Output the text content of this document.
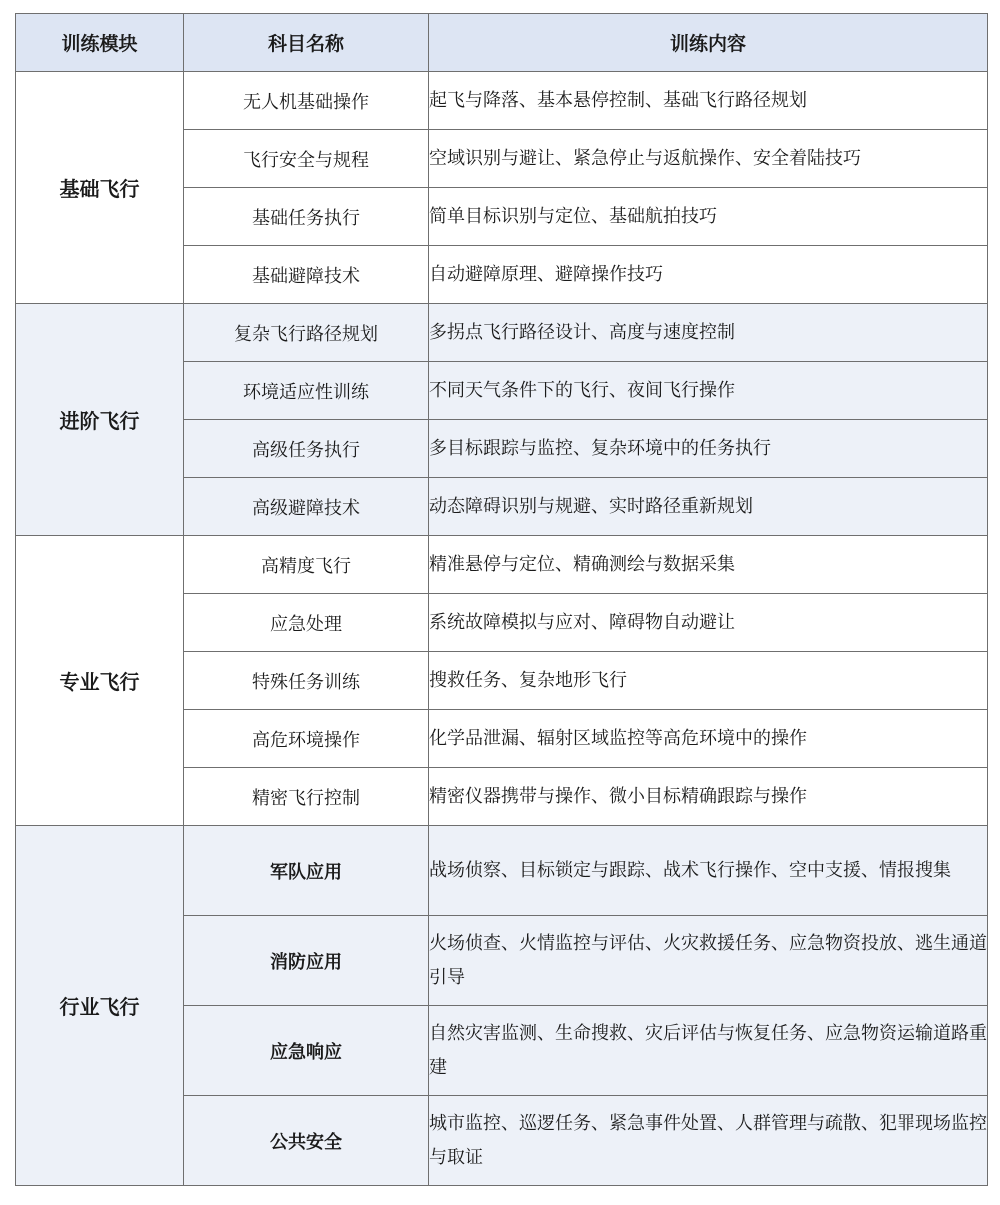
训练模块	科目名称	训练内容
基础飞行	无人机基础操作	起飞与降落、基本悬停控制、基础飞行路径规划
	飞行安全与规程	空域识别与避让、紧急停止与返航操作、安全着陆技巧
	基础任务执行	简单目标识别与定位、基础航拍技巧
	基础避障技术	自动避障原理、避障操作技巧
进阶飞行	复杂飞行路径规划	多拐点飞行路径设计、高度与速度控制
	环境适应性训练	不同天气条件下的飞行、夜间飞行操作
	高级任务执行	多目标跟踪与监控、复杂环境中的任务执行
	高级避障技术	动态障碍识别与规避、实时路径重新规划
专业飞行	高精度飞行	精准悬停与定位、精确测绘与数据采集
	应急处理	系统故障模拟与应对、障碍物自动避让
	特殊任务训练	搜救任务、复杂地形飞行
	高危环境操作	化学品泄漏、辐射区域监控等高危环境中的操作
	精密飞行控制	精密仪器携带与操作、微小目标精确跟踪与操作
行业飞行	军队应用	战场侦察、目标锁定与跟踪、战术飞行操作、空中支援、情报搜集
	消防应用	火场侦查、火情监控与评估、火灾救援任务、应急物资投放、逃生通道引导
	应急响应	自然灾害监测、生命搜救、灾后评估与恢复任务、应急物资运输道路重建
	公共安全	城市监控、巡逻任务、紧急事件处置、人群管理与疏散、犯罪现场监控与取证
